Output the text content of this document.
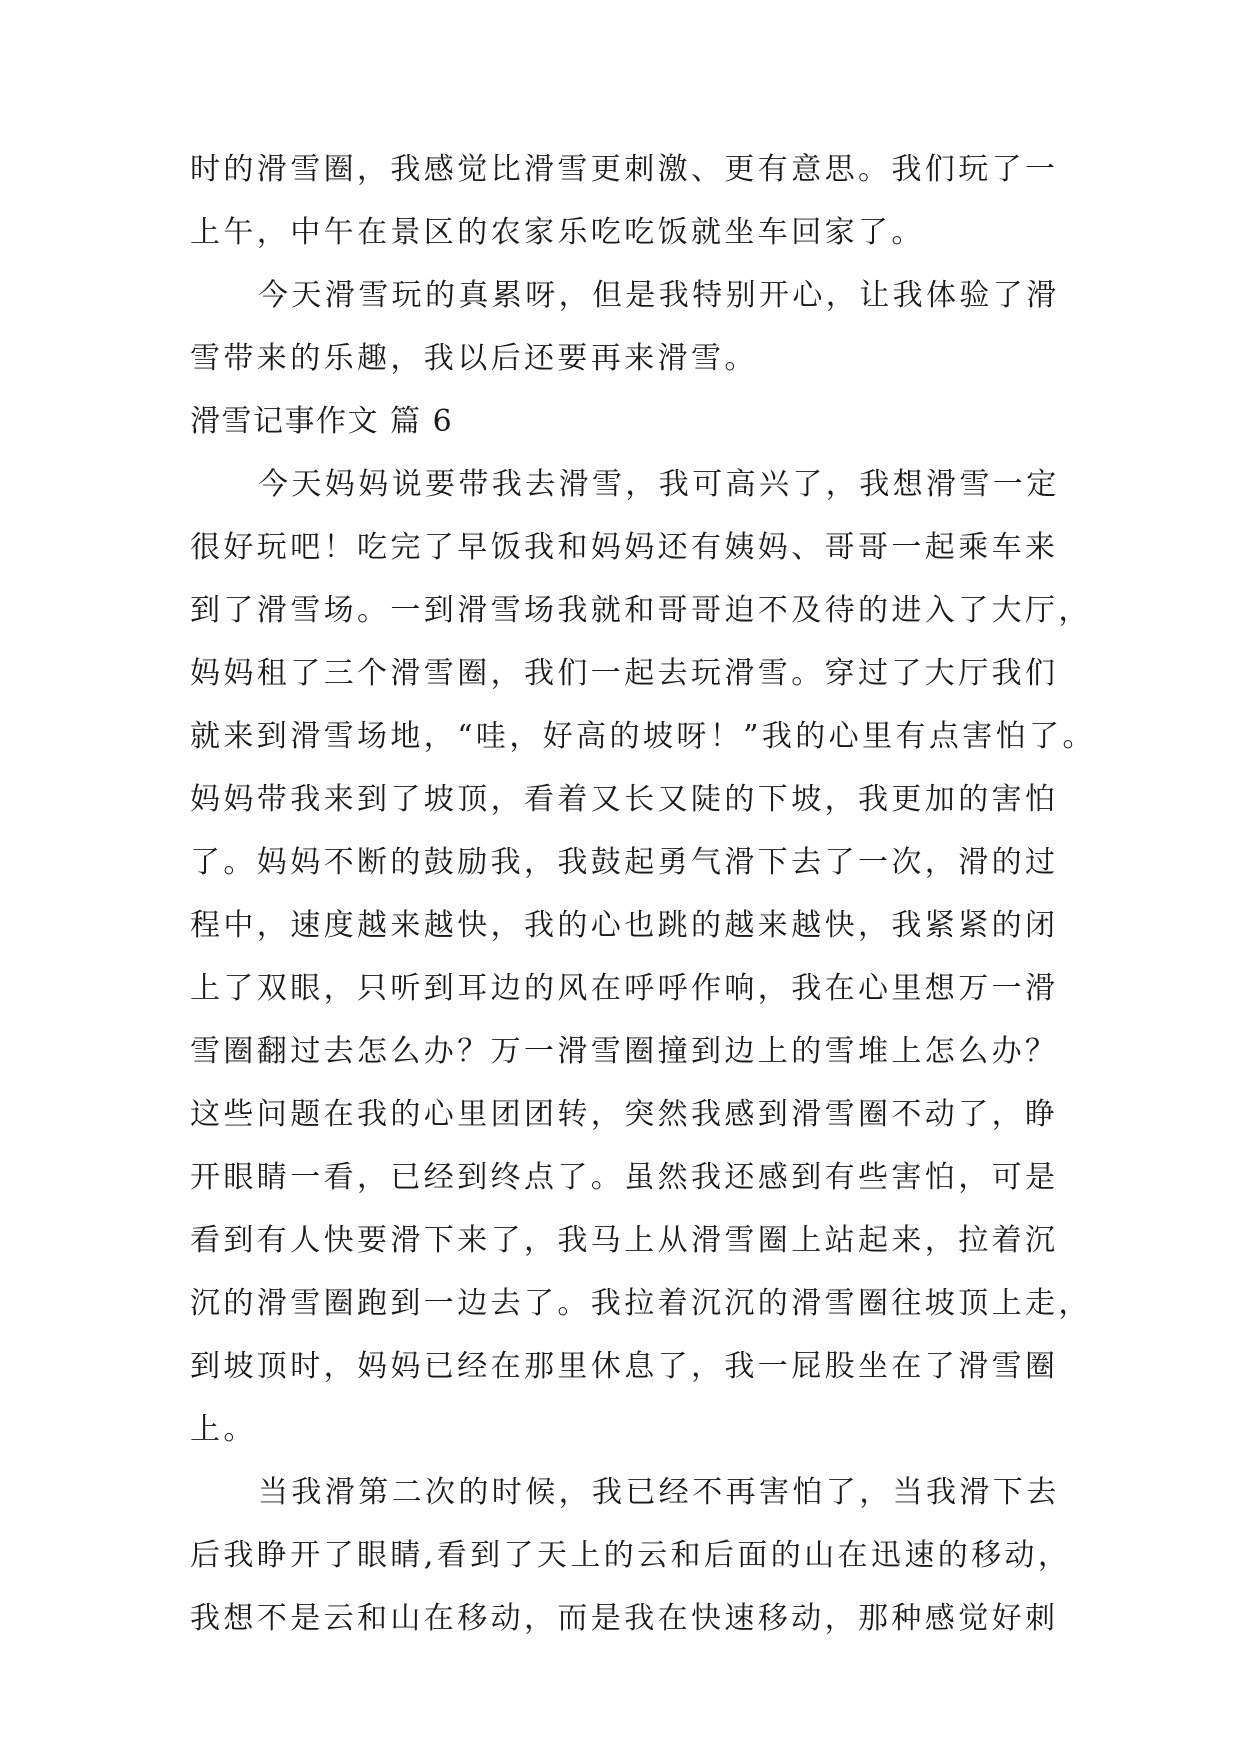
时的滑雪圈，我感觉比滑雪更刺激、更有意思。我们玩了一
上午，中午在景区的农家乐吃吃饭就坐车回家了。
今天滑雪玩的真累呀，但是我特别开心，让我体验了滑
雪带来的乐趣，我以后还要再来滑雪。
滑雪记事作文 篇 6
今天妈妈说要带我去滑雪，我可高兴了，我想滑雪一定
很好玩吧！吃完了早饭我和妈妈还有姨妈、哥哥一起乘车来
到了滑雪场。一到滑雪场我就和哥哥迫不及待的进入了大厅，
妈妈租了三个滑雪圈，我们一起去玩滑雪。穿过了大厅我们
就来到滑雪场地，“哇，好高的坡呀！”我的心里有点害怕了。
妈妈带我来到了坡顶，看着又长又陡的下坡，我更加的害怕
了。妈妈不断的鼓励我，我鼓起勇气滑下去了一次，滑的过
程中，速度越来越快，我的心也跳的越来越快，我紧紧的闭
上了双眼，只听到耳边的风在呼呼作响，我在心里想万一滑
雪圈翻过去怎么办？万一滑雪圈撞到边上的雪堆上怎么办？
这些问题在我的心里团团转，突然我感到滑雪圈不动了，睁
开眼睛一看，已经到终点了。虽然我还感到有些害怕，可是
看到有人快要滑下来了，我马上从滑雪圈上站起来，拉着沉
沉的滑雪圈跑到一边去了。我拉着沉沉的滑雪圈往坡顶上走，
到坡顶时，妈妈已经在那里休息了，我一屁股坐在了滑雪圈
上。
当我滑第二次的时候，我已经不再害怕了，当我滑下去
后我睁开了眼睛,看到了天上的云和后面的山在迅速的移动，
我想不是云和山在移动，而是我在快速移动，那种感觉好刺
